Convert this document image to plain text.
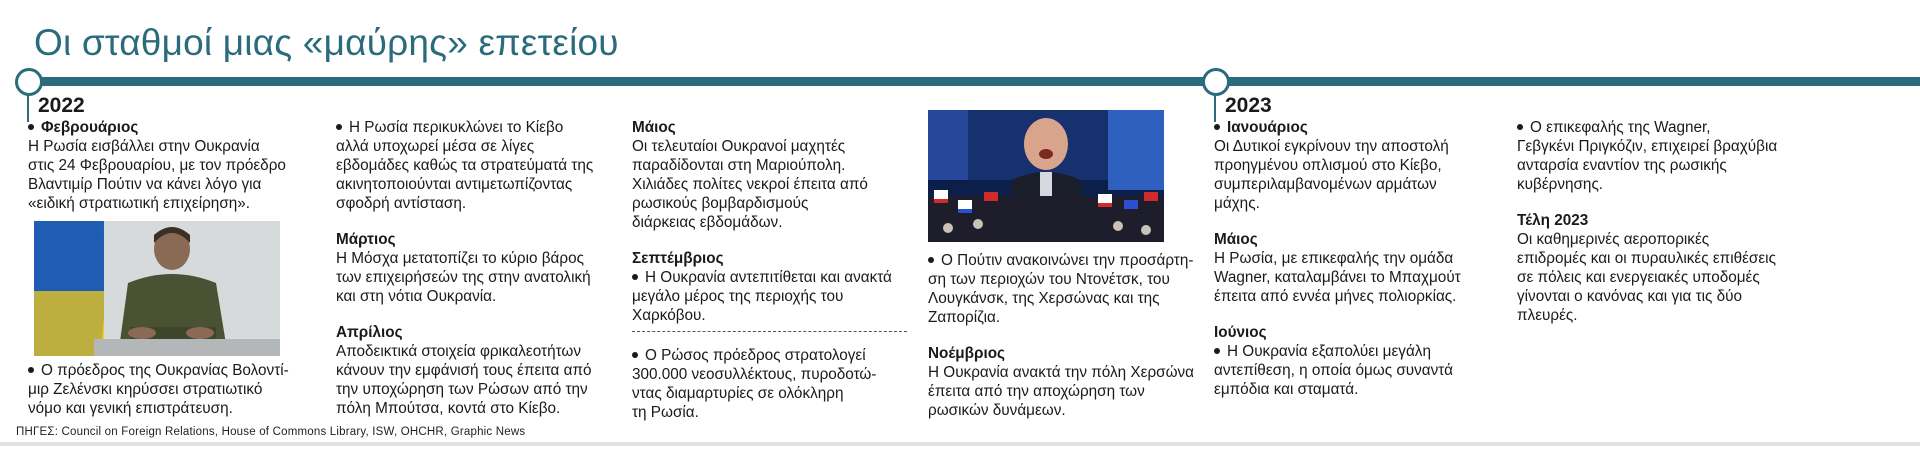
Οι σταθμοί μιας «μαύρης» επετείου
2022	2023
Φεβρουάριος
Η Ρωσία εισβάλλει στην Ουκρανία
στις 24 Φεβρουαρίου, με τον πρόεδρο
Βλαντιμίρ Πούτιν να κάνει λόγο για
«ειδική στρατιωτική επιχείρηση».
Ο πρόεδρος της Ουκρανίας Βολοντί-
μιρ Ζελένσκι κηρύσσει στρατιωτικό
νόμο και γενική επιστράτευση.
Η Ρωσία περικυκλώνει το Κίεβο
αλλά υποχωρεί μέσα σε λίγες
εβδομάδες καθώς τα στρατεύματά της
ακινητοποιούνται αντιμετωπίζοντας
σφοδρή αντίσταση.
Μάρτιος
Η Μόσχα μετατοπίζει το κύριο βάρος
των επιχειρήσεών της στην ανατολική
και στη νότια Ουκρανία.
Απρίλιος
Αποδεικτικά στοιχεία φρικαλεοτήτων
κάνουν την εμφάνισή τους έπειτα από
την υποχώρηση των Ρώσων από την
πόλη Μπούτσα, κοντά στο Κίεβο.
Μάιος
Οι τελευταίοι Ουκρανοί μαχητές
παραδίδονται στη Μαριούπολη.
Χιλιάδες πολίτες νεκροί έπειτα από
ρωσικούς βομβαρδισμούς
διάρκειας εβδομάδων.
Σεπτέμβριος
Η Ουκρανία αντεπιτίθεται και ανακτά
μεγάλο μέρος της περιοχής του
Χαρκόβου.
Ο Ρώσος πρόεδρος στρατολογεί
300.000 νεοσυλλέκτους, πυροδοτώ-
ντας διαμαρτυρίες σε ολόκληρη
τη Ρωσία.
Ο Πούτιν ανακοινώνει την προσάρτη-
ση των περιοχών του Ντονέτσκ, του
Λουγκάνσκ, της Χερσώνας και της
Ζαπορίζια.
Νοέμβριος
Η Ουκρανία ανακτά την πόλη Χερσώνα
έπειτα από την αποχώρηση των
ρωσικών δυνάμεων.
Ιανουάριος
Οι Δυτικοί εγκρίνουν την αποστολή
προηγμένου οπλισμού στο Κίεβο,
συμπεριλαμβανομένων αρμάτων
μάχης.
Μάιος
Η Ρωσία, με επικεφαλής την ομάδα
Wagner, καταλαμβάνει το Μπαχμούτ
έπειτα από εννέα μήνες πολιορκίας.
Ιούνιος
Η Ουκρανία εξαπολύει μεγάλη
αντεπίθεση, η οποία όμως συναντά
εμπόδια και σταματά.
Ο επικεφαλής της Wagner,
Γεβγκένι Πριγκόζιν, επιχειρεί βραχύβια
ανταρσία εναντίον της ρωσικής
κυβέρνησης.
Τέλη 2023
Οι καθημερινές αεροπορικές
επιδρομές και οι πυραυλικές επιθέσεις
σε πόλεις και ενεργειακές υποδομές
γίνονται ο κανόνας και για τις δύο
πλευρές.
ΠΗΓΕΣ: Council on Foreign Relations, House of Commons Library, ISW, OHCHR, Graphic News
